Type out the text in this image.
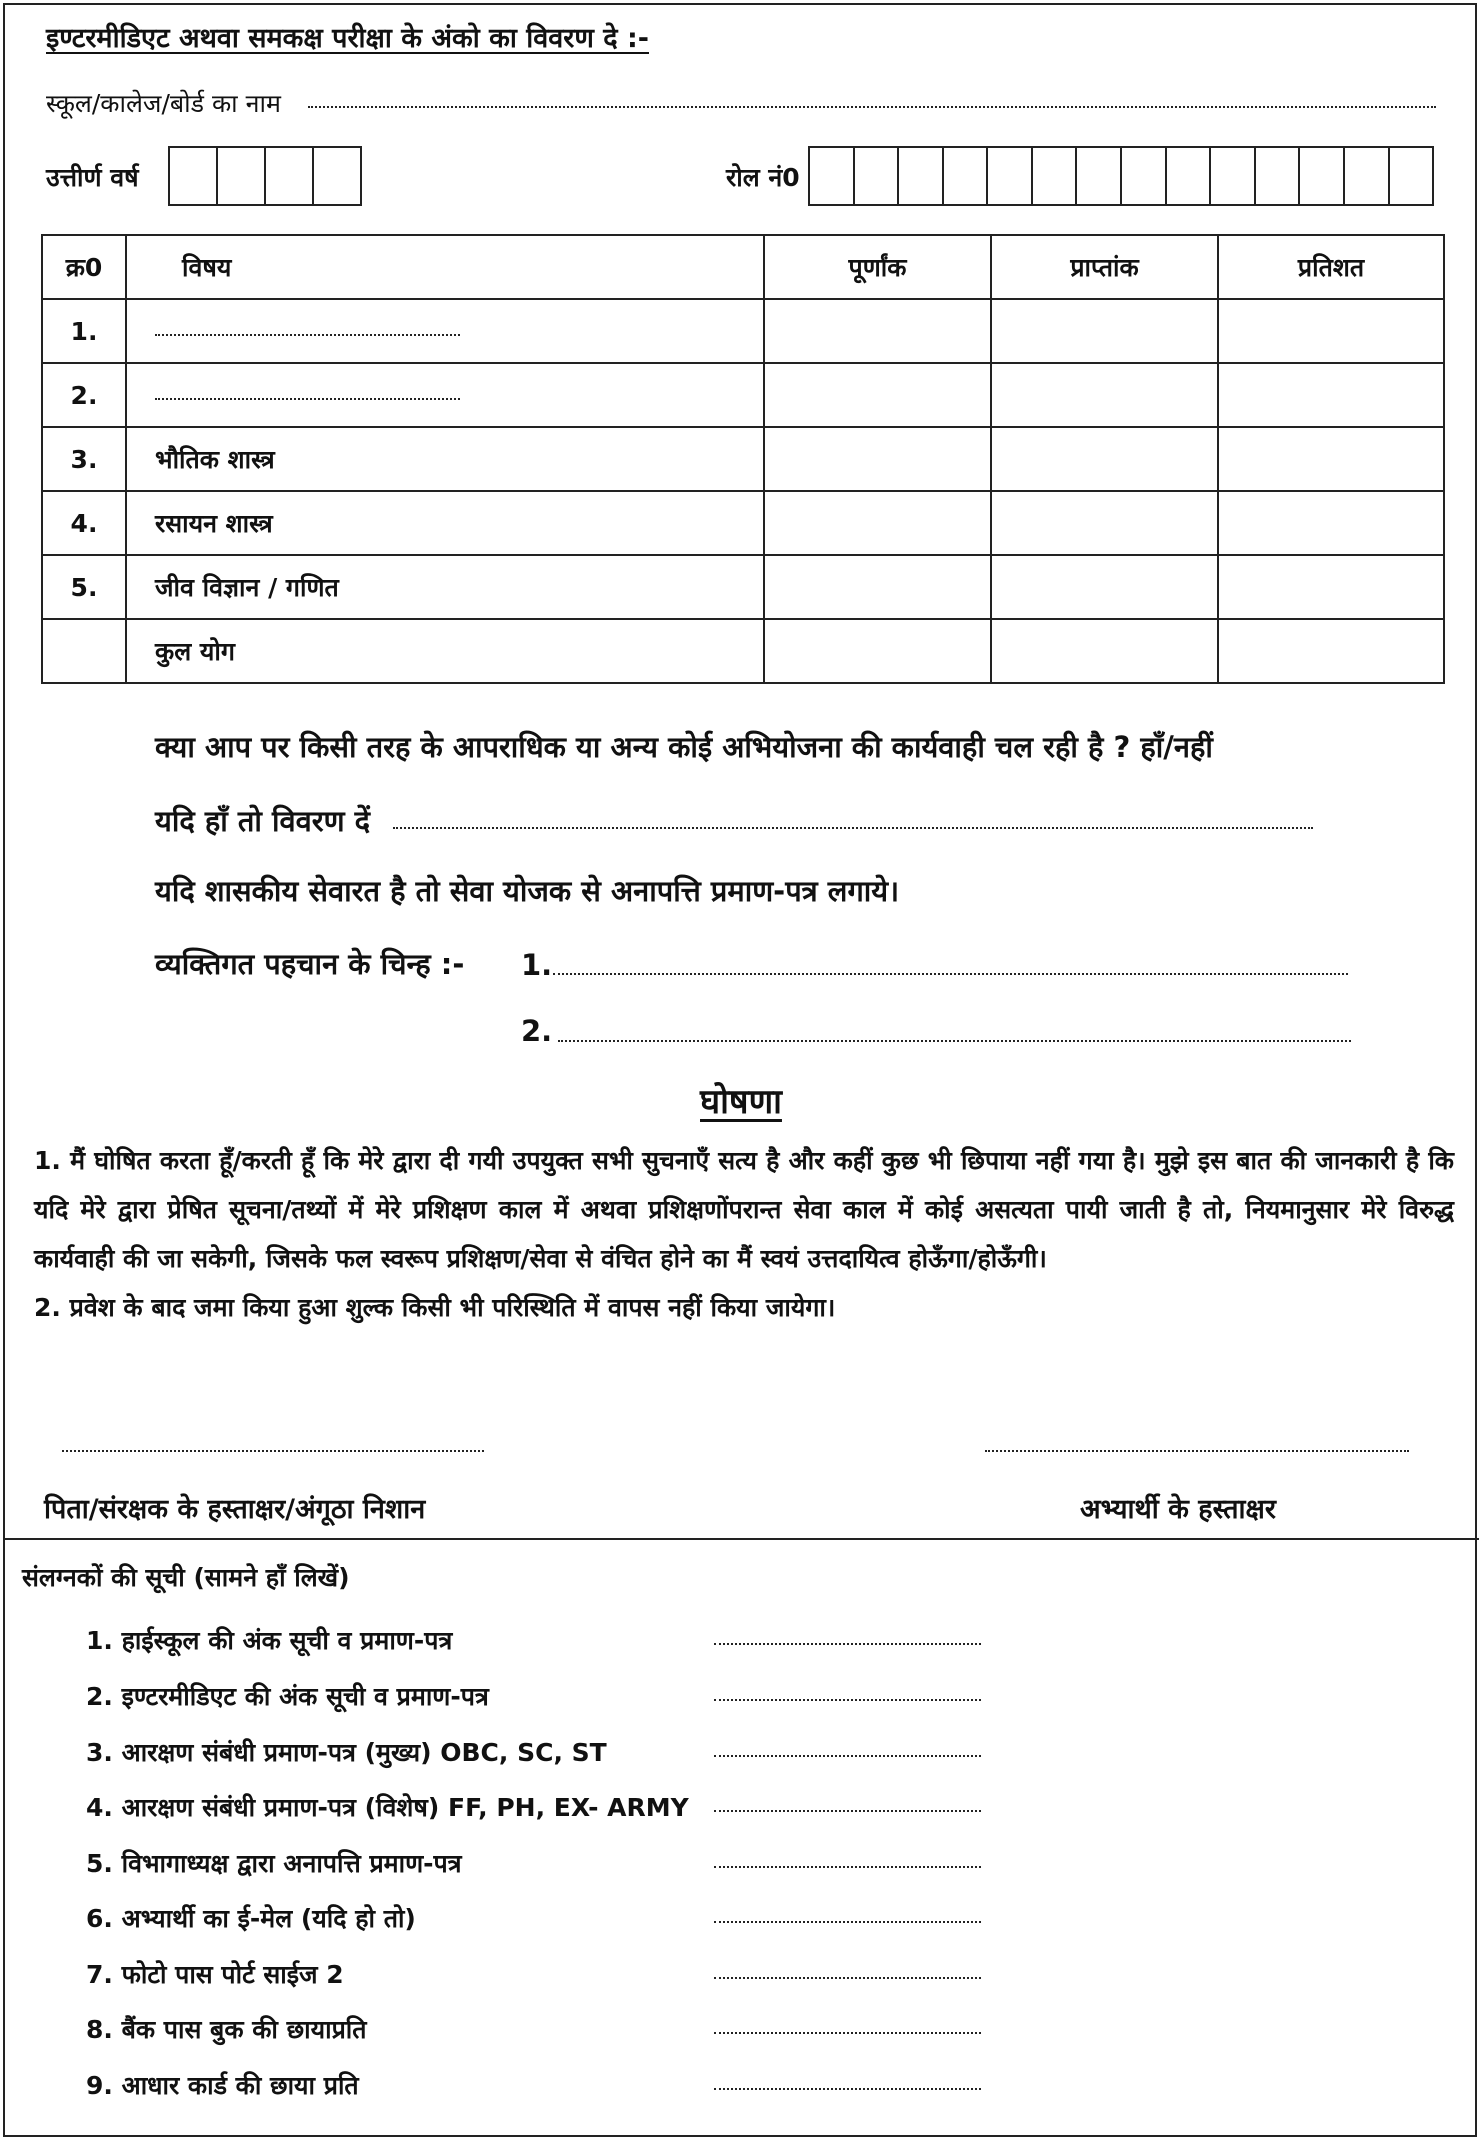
इण्टरमीडिएट अथवा समकक्ष परीक्षा के अंको का विवरण दे :-
स्कूल/कालेज/बोर्ड का नाम
उत्तीर्ण वर्ष	रोल नं0
क्र0	विषय	पूर्णांक	प्राप्तांक	प्रतिशत
1.				
2.				
3.	भौतिक शास्त्र			
4.	रसायन शास्त्र			
5.	जीव विज्ञान / गणित			
	कुल योग			
क्या आप पर किसी तरह के आपराधिक या अन्य कोई अभियोजना की कार्यवाही चल रही है ? हाँ/नहीं
यदि हाँ तो विवरण दें
यदि शासकीय सेवारत है तो सेवा योजक से अनापत्ति प्रमाण-पत्र लगाये।
व्यक्तिगत पहचान के चिन्ह :- 1.
2.
घोषणा

1. मैं घोषित करता हूँ/करती हूँ कि मेरे द्वारा दी गयी उपयुक्त सभी सुचनाएँ सत्य है और कहीं कुछ भी छिपाया नहीं गया है। मुझे इस बात की जानकारी है कि यदि मेरे द्वारा प्रेषित सूचना/तथ्यों में मेरे प्रशिक्षण काल में अथवा प्रशिक्षणोंपरान्त सेवा काल में कोई असत्यता पायी जाती है तो, नियमानुसार मेरे विरुद्ध कार्यवाही की जा सकेगी, जिसके फल स्वरूप प्रशिक्षण/सेवा से वंचित होने का मैं स्वयं उत्तदायित्व होऊँगा/होऊँगी।

2. प्रवेश के बाद जमा किया हुआ शुल्क किसी भी परिस्थिति में वापस नहीं किया जायेगा।

पिता/संरक्षक के हस्ताक्षर/अंगूठा निशान	अभ्यार्थी के हस्ताक्षर
संलग्नकों की सूची (सामने हाँ लिखें)
1. हाईस्कूल की अंक सूची व प्रमाण-पत्र
2. इण्टरमीडिएट की अंक सूची व प्रमाण-पत्र
3. आरक्षण संबंधी प्रमाण-पत्र (मुख्य) OBC, SC, ST
4. आरक्षण संबंधी प्रमाण-पत्र (विशेष) FF, PH, EX- ARMY
5. विभागाध्यक्ष द्वारा अनापत्ति प्रमाण-पत्र
6. अभ्यार्थी का ई-मेल (यदि हो तो)
7. फोटो पास पोर्ट साईज 2
8. बैंक पास बुक की छायाप्रति
9. आधार कार्ड की छाया प्रति
